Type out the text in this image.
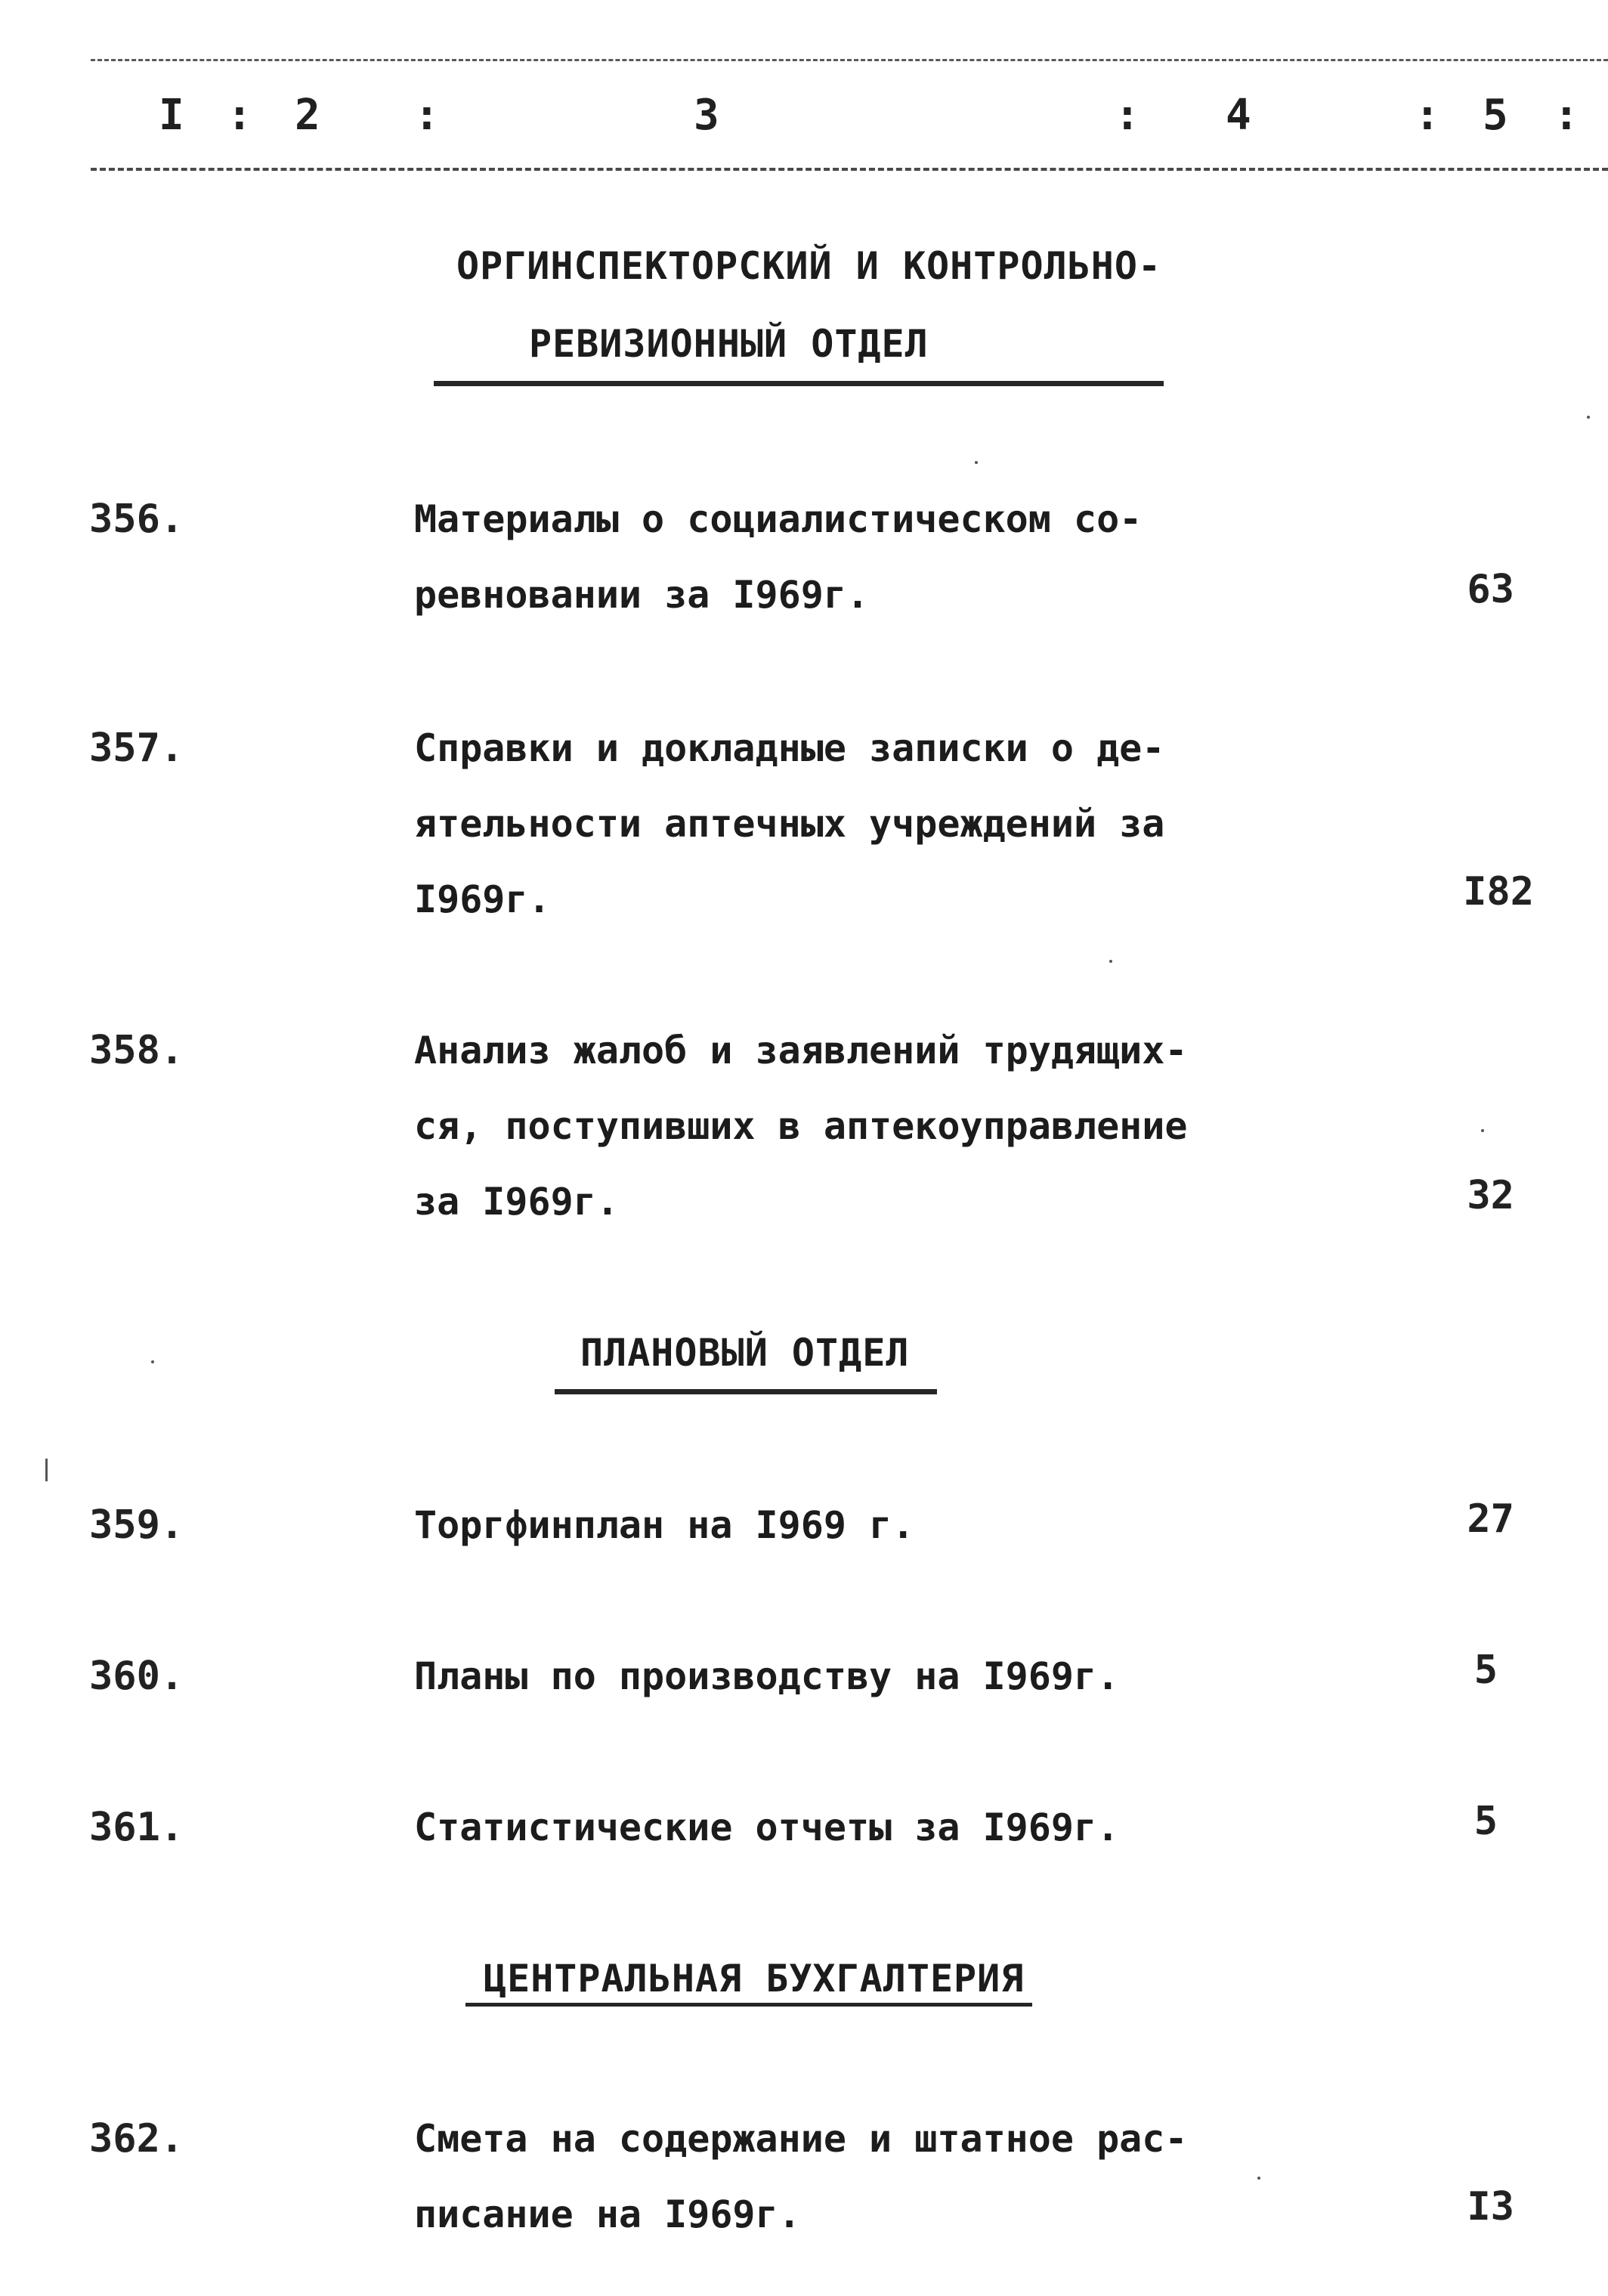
I : 2 :	3	: 4	: 5 :
ОРГИНСПЕКТОРСКИЙ И КОНТРОЛЬНО-
РЕВИЗИОННЫЙ ОТДЕЛ
356.	Материалы о социалистическом со-
ревновании за I969г.	63
357.	Справки и докладные записки о де-
ятельности аптечных учреждений за
I969г.	I82
358.	Анализ жалоб и заявлений трудящих-
ся, поступивших в аптекоуправление
за I969г.	32
ПЛАНОВЫЙ ОТДЕЛ
359.	Торгфинплан на I969 г.	27
360.	Планы по производству на I969г.	5
361.	Статистические отчеты за I969г.	5
ЦЕНТРАЛЬНАЯ БУХГАЛТЕРИЯ
362.	Смета на содержание и штатное рас-
писание на I969г.	I3
